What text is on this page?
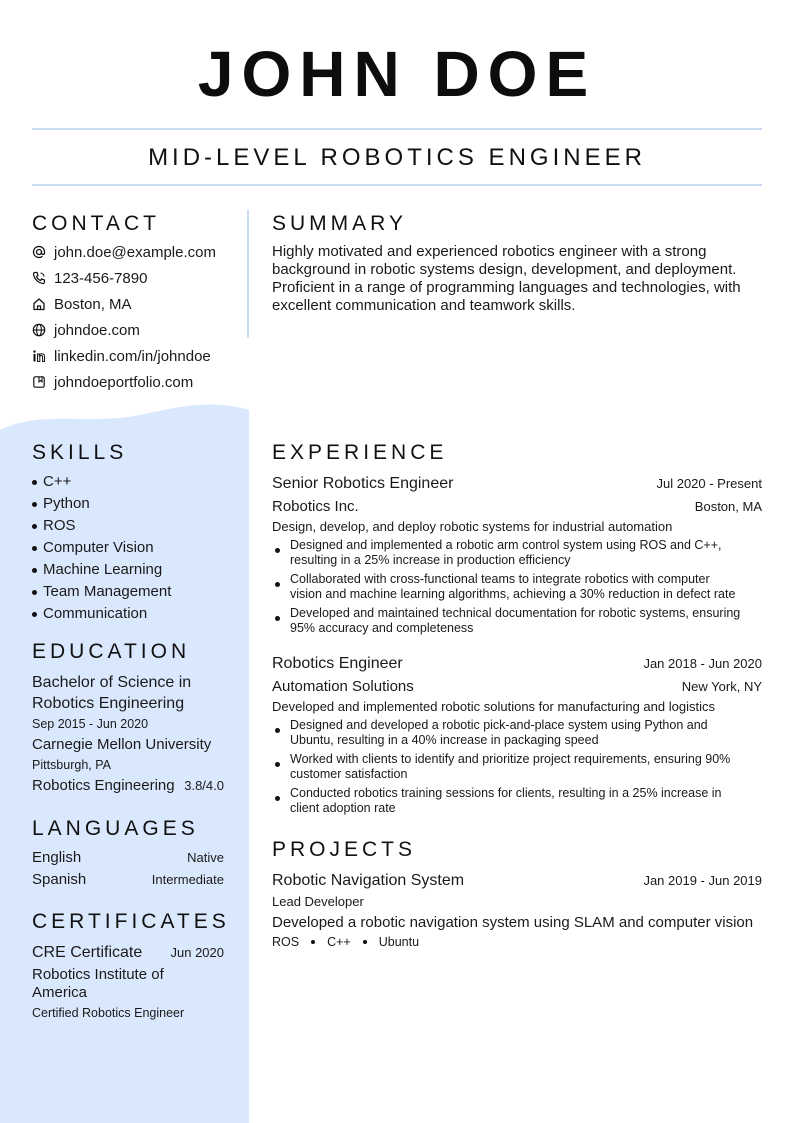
JOHN DOE
MID-LEVEL ROBOTICS ENGINEER
CONTACT
john.doe@example.com
123-456-7890
Boston, MA
johndoe.com
linkedin.com/in/johndoe
johndoeportfolio.com
SUMMARY
Highly motivated and experienced robotics engineer with a strong
background in robotic systems design, development, and deployment.
Proficient in a range of programming languages and technologies, with
excellent communication and teamwork skills.
SKILLS
C++
Python
ROS
Computer Vision
Machine Learning
Team Management
Communication
EDUCATION
Bachelor of Science in
Robotics Engineering
Sep 2015 - Jun 2020
Carnegie Mellon University
Pittsburgh, PA
Robotics Engineering 3.8/4.0
LANGUAGES
English	Native
Spanish	Intermediate
CERTIFICATES
CRE Certificate Jun 2020
Robotics Institute of
America
Certified Robotics Engineer
EXPERIENCE
Senior Robotics Engineer	Jul 2020 - Present
Robotics Inc.	Boston, MA
Design, develop, and deploy robotic systems for industrial automation
Designed and implemented a robotic arm control system using ROS and C++,
resulting in a 25% increase in production efficiency
Collaborated with cross-functional teams to integrate robotics with computer
vision and machine learning algorithms, achieving a 30% reduction in defect rate
Developed and maintained technical documentation for robotic systems, ensuring
95% accuracy and completeness
Robotics Engineer	Jan 2018 - Jun 2020
Automation Solutions	New York, NY
Developed and implemented robotic solutions for manufacturing and logistics
Designed and developed a robotic pick-and-place system using Python and
Ubuntu, resulting in a 40% increase in packaging speed
Worked with clients to identify and prioritize project requirements, ensuring 90%
customer satisfaction
Conducted robotics training sessions for clients, resulting in a 25% increase in
client adoption rate
PROJECTS
Robotic Navigation System	Jan 2019 - Jun 2019
Lead Developer
Developed a robotic navigation system using SLAM and computer vision
ROS C++ Ubuntu
